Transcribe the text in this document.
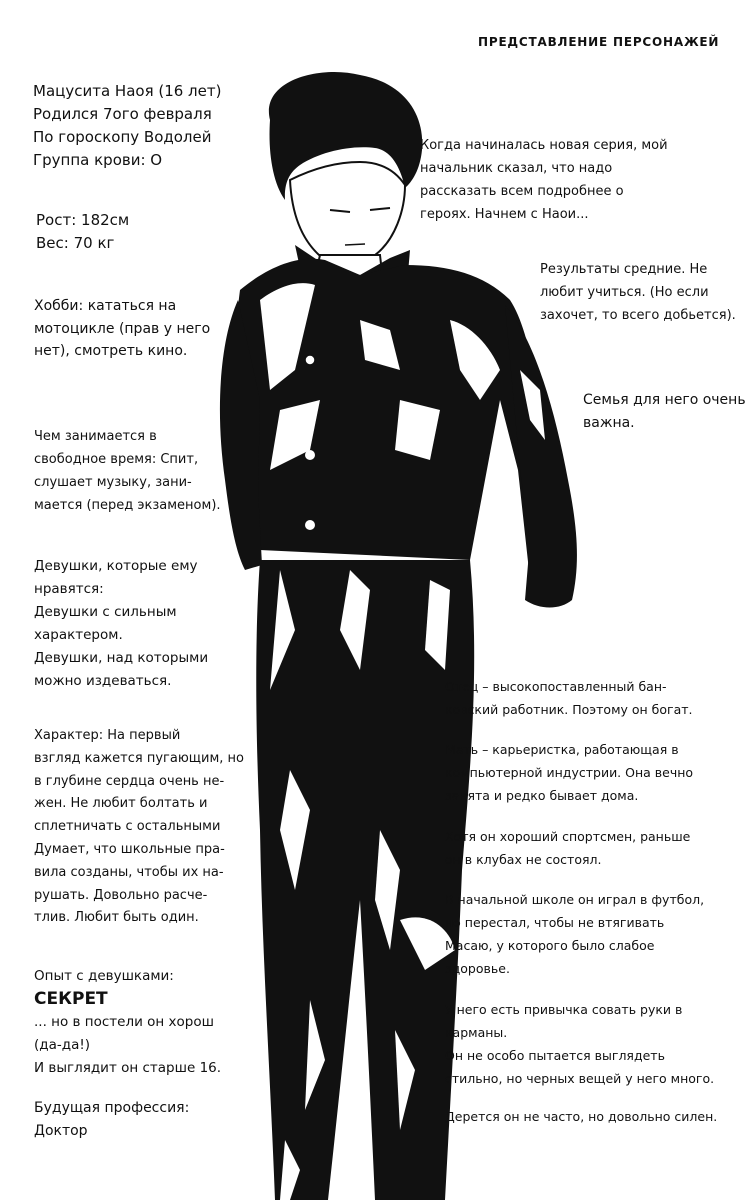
ПРЕДСТАВЛЕНИЕ ПЕРСОНАЖЕЙ
Мацусита Наоя (16 лет)
Родился 7ого февраля
По гороскопу Водолей
Группа крови: О
Рост: 182см
Вес: 70 кг
Хобби: кататься на
мотоцикле (прав у него
нет), смотреть кино.
Чем занимается в
свободное время: Спит,
слушает музыку, зани-
мается (перед экзаменом).
Девушки, которые ему
нравятся:
Девушки с сильным
характером.
Девушки, над которыми
можно издеваться.
Характер: На первый
взгляд кажется пугающим, но
в глубине сердца очень не-
жен. Не любит болтать и
сплетничать с остальными
Думает, что школьные пра-
вила созданы, чтобы их на-
рушать. Довольно расче-
тлив. Любит быть один.
Опыт с девушками:
СЕКРЕТ
... но в постели он хорош
(да-да!)
И выглядит он старше 16.
Будущая профессия:
Доктор
Когда начиналась новая серия, мой
начальник сказал, что надо
рассказать всем подробнее о
героях. Начнем с Наои...
Результаты средние. Не
любит учиться. (Но если
захочет, то всего добьется).
Семья для него очень
важна.
Отец – высокопоставленный бан-
ковский работник. Поэтому он богат.
Мать – карьеристка, работающая в
компьютерной индустрии. Она вечно
занята и редко бывает дома.
Хотя он хороший спортсмен, раньше
он в клубах не состоял.
В начальной школе он играл в футбол,
но перестал, чтобы не втягивать
Масаю, у которого было слабое
здоровье.
У него есть привычка совать руки в
карманы.
Он не особо пытается выглядеть
стильно, но черных вещей у него много.
Дерется он не часто, но довольно силен.
